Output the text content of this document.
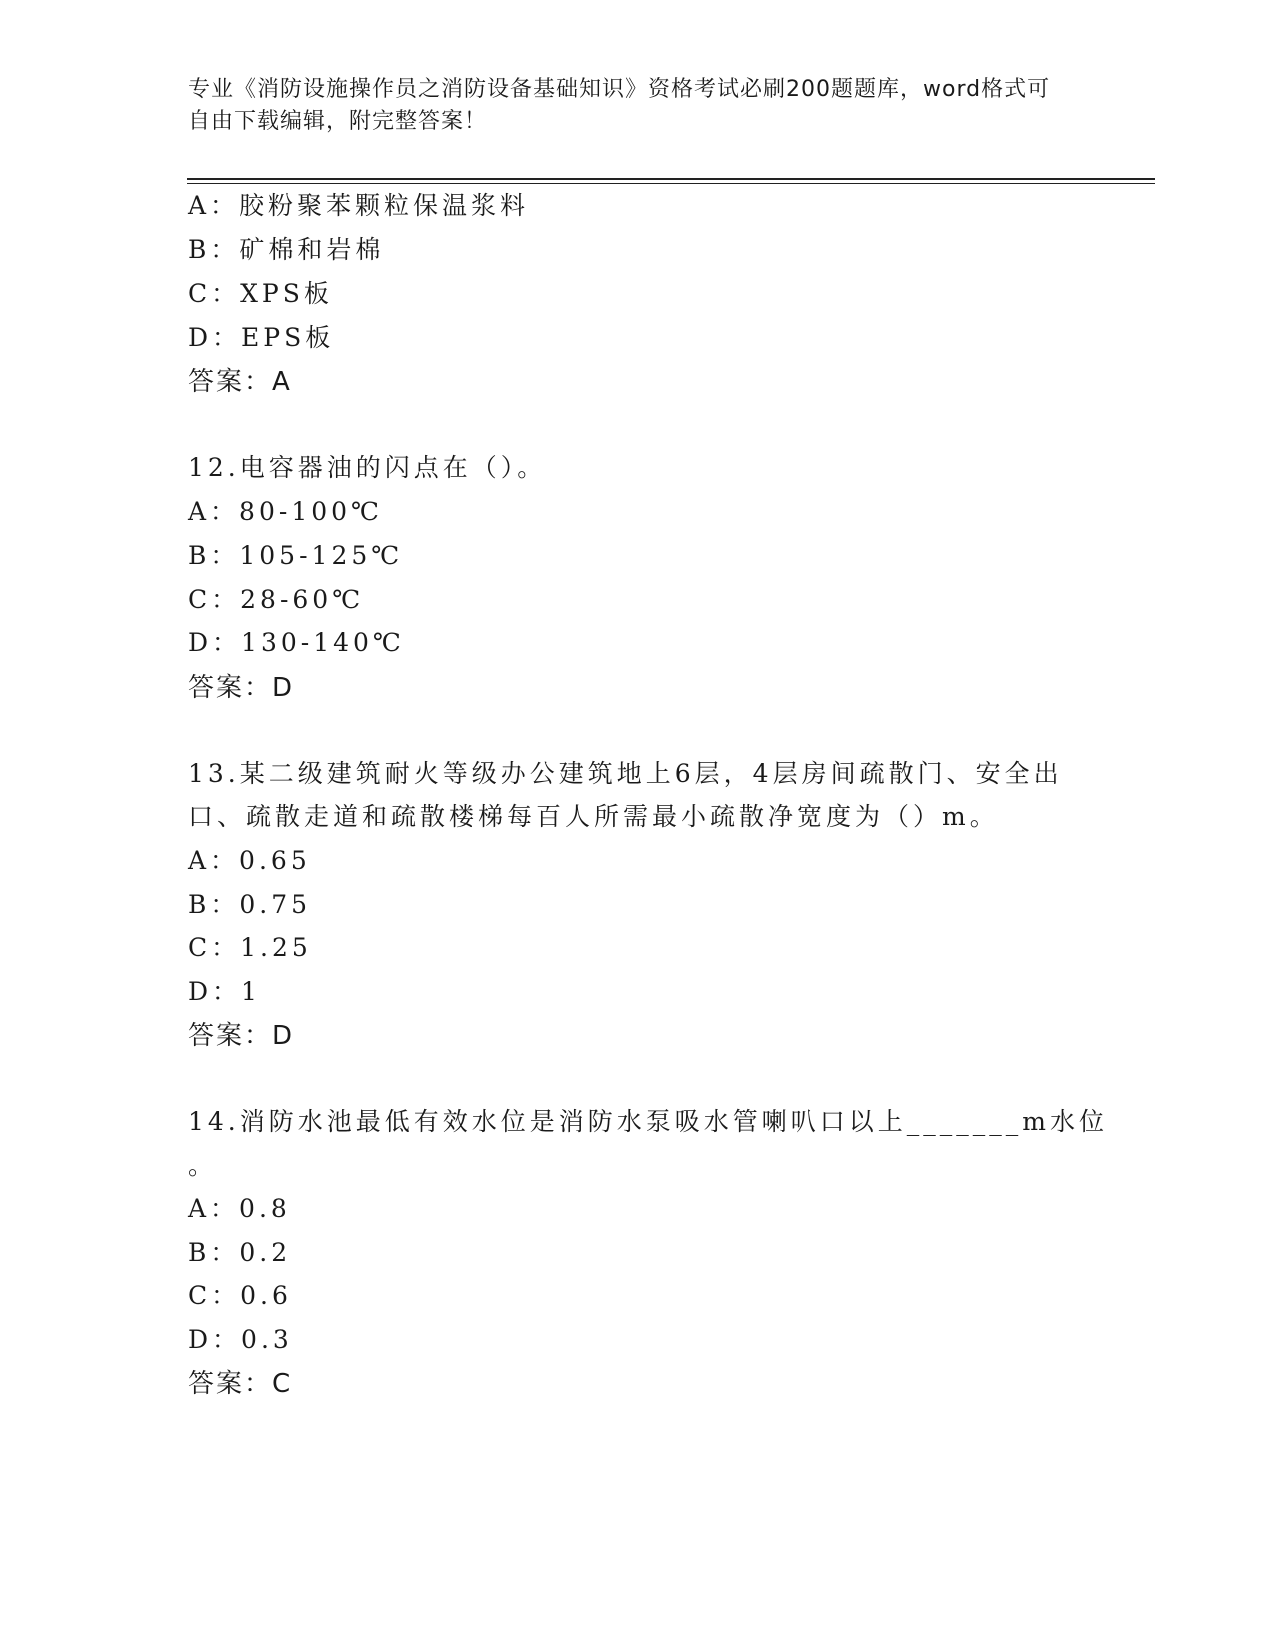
专业《消防设施操作员之消防设备基础知识》资格考试必刷200题题库，word格式可自由下载编辑，附完整答案！
A：胶粉聚苯颗粒保温浆料
B：矿棉和岩棉
C：XPS板
D：EPS板
答案：A
12.电容器油的闪点在（）。
A：80-100℃
B：105-125℃
C：28-60℃
D：130-140℃
答案：D
13.某二级建筑耐火等级办公建筑地上6层，4层房间疏散门、安全出
口、疏散走道和疏散楼梯每百人所需最小疏散净宽度为（）m。
A：0.65
B：0.75
C：1.25
D：1
答案：D
14.消防水池最低有效水位是消防水泵吸水管喇叭口以上_______m水位
。
A：0.8
B：0.2
C：0.6
D：0.3
答案：C
